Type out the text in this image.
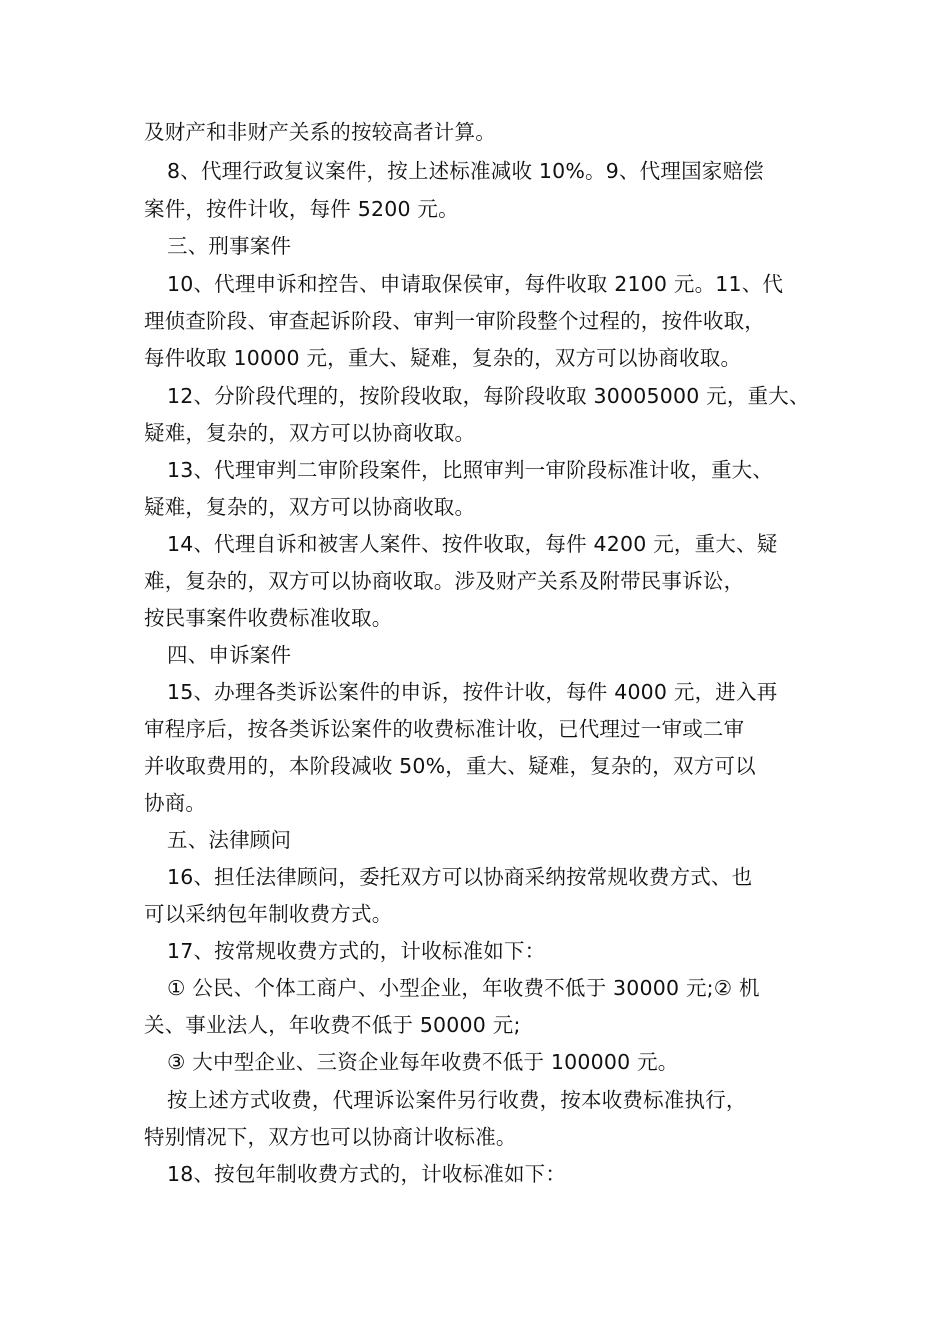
及财产和非财产关系的按较高者计算。
8、代理行政复议案件，按上述标准减收 10%。9、代理国家赔偿
案件，按件计收，每件 5200 元。
三、刑事案件
10、代理申诉和控告、申请取保侯审，每件收取 2100 元。11、代
理侦查阶段、审查起诉阶段、审判一审阶段整个过程的，按件收取，
每件收取 10000 元，重大、疑难，复杂的，双方可以协商收取。
12、分阶段代理的，按阶段收取，每阶段收取 30005000 元，重大、
疑难，复杂的，双方可以协商收取。
13、代理审判二审阶段案件，比照审判一审阶段标准计收，重大、
疑难，复杂的，双方可以协商收取。
14、代理自诉和被害人案件、按件收取，每件 4200 元，重大、疑
难，复杂的，双方可以协商收取。涉及财产关系及附带民事诉讼，
按民事案件收费标准收取。
四、申诉案件
15、办理各类诉讼案件的申诉，按件计收，每件 4000 元，进入再
审程序后，按各类诉讼案件的收费标准计收，已代理过一审或二审
并收取费用的，本阶段减收 50%，重大、疑难，复杂的，双方可以
协商。
五、法律顾问
16、担任法律顾问，委托双方可以协商采纳按常规收费方式、也
可以采纳包年制收费方式。
17、按常规收费方式的，计收标准如下：
① 公民、个体工商户、小型企业，年收费不低于 30000 元;② 机
关、事业法人，年收费不低于 50000 元;
③ 大中型企业、三资企业每年收费不低于 100000 元。
按上述方式收费，代理诉讼案件另行收费，按本收费标准执行，
特别情况下，双方也可以协商计收标准。
18、按包年制收费方式的，计收标准如下：
